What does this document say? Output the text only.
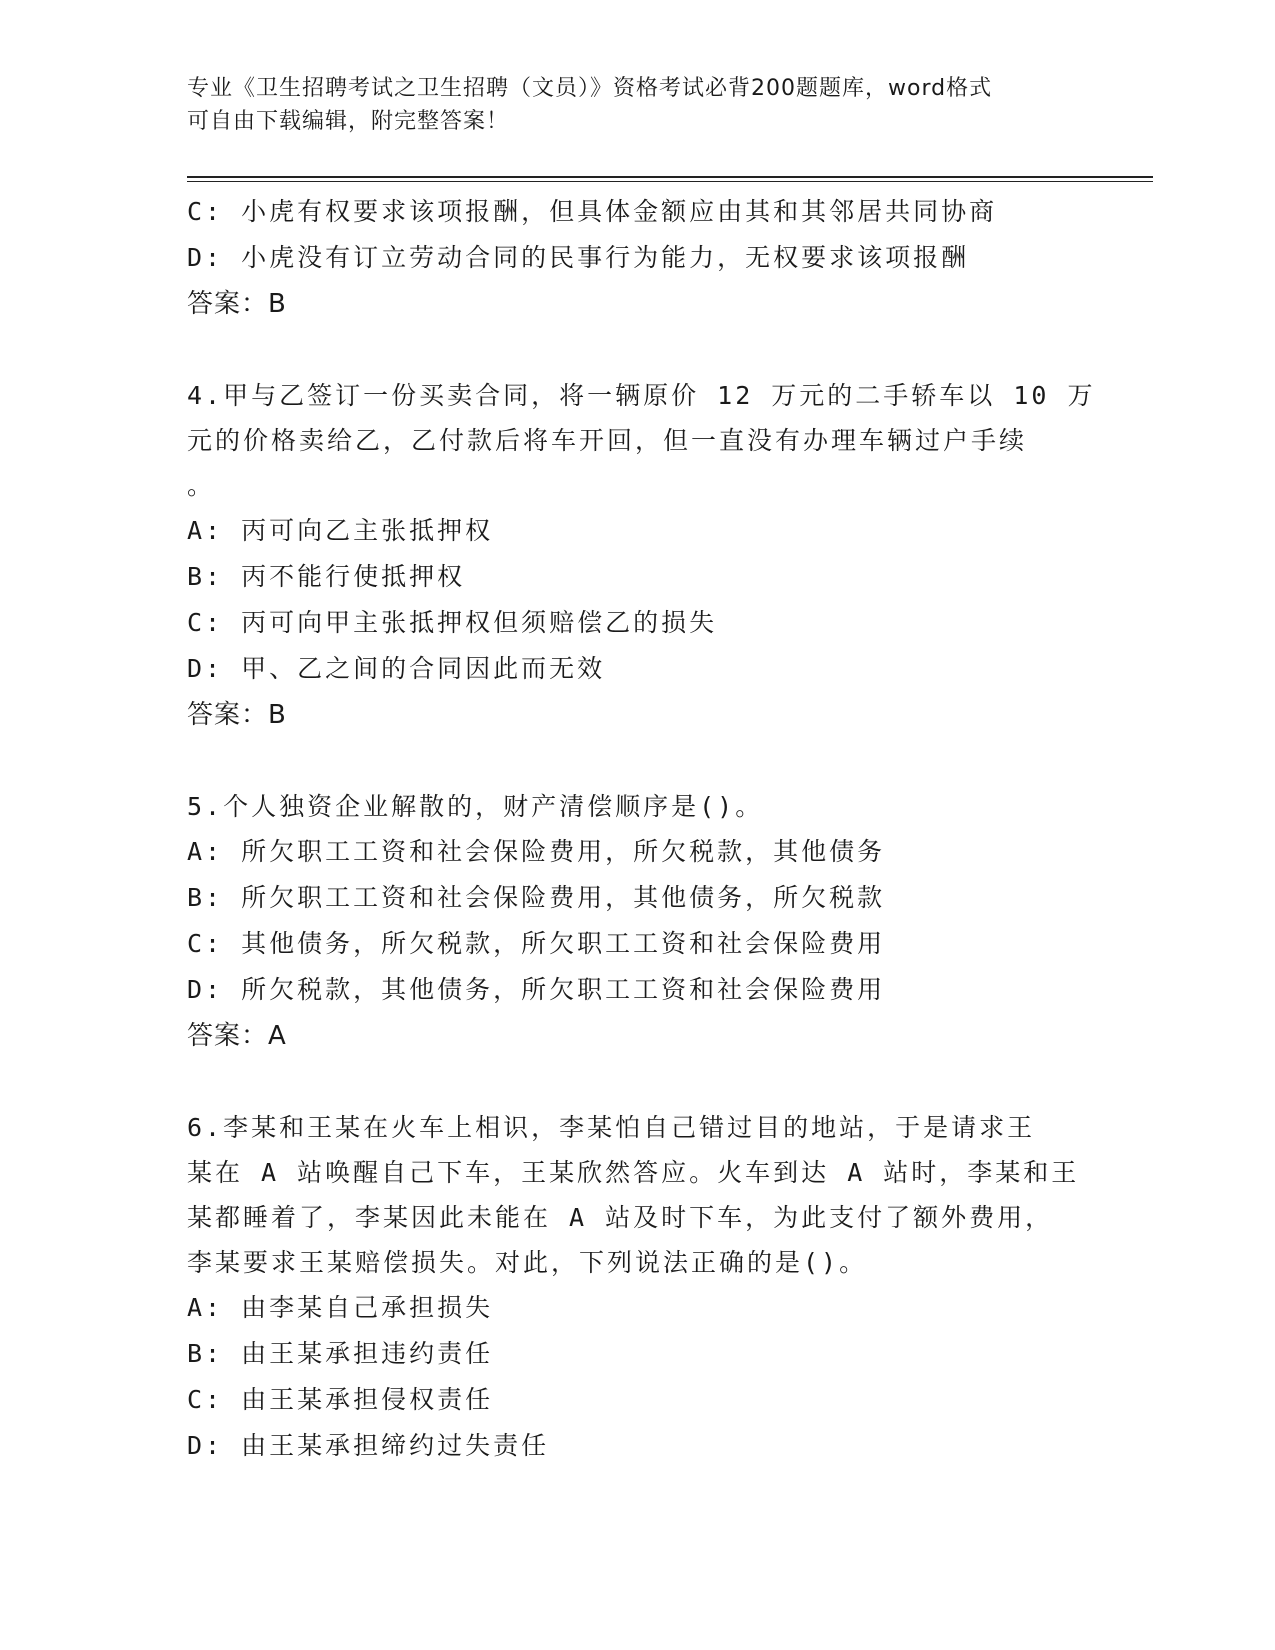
专业《卫生招聘考试之卫生招聘（文员）》资格考试必背200题题库，word格式
可自由下载编辑，附完整答案！
C: 小虎有权要求该项报酬，但具体金额应由其和其邻居共同协商
D: 小虎没有订立劳动合同的民事行为能力，无权要求该项报酬
答案：B
4.甲与乙签订一份买卖合同，将一辆原价 12 万元的二手轿车以 10 万
元的价格卖给乙，乙付款后将车开回，但一直没有办理车辆过户手续
。
A: 丙可向乙主张抵押权
B: 丙不能行使抵押权
C: 丙可向甲主张抵押权但须赔偿乙的损失
D: 甲、乙之间的合同因此而无效
答案：B
5.个人独资企业解散的，财产清偿顺序是()。
A: 所欠职工工资和社会保险费用，所欠税款，其他债务
B: 所欠职工工资和社会保险费用，其他债务，所欠税款
C: 其他债务，所欠税款，所欠职工工资和社会保险费用
D: 所欠税款，其他债务，所欠职工工资和社会保险费用
答案：A
6.李某和王某在火车上相识，李某怕自己错过目的地站，于是请求王
某在 A 站唤醒自己下车，王某欣然答应。火车到达 A 站时，李某和王
某都睡着了，李某因此未能在 A 站及时下车，为此支付了额外费用，
李某要求王某赔偿损失。对此，下列说法正确的是()。
A: 由李某自己承担损失
B: 由王某承担违约责任
C: 由王某承担侵权责任
D: 由王某承担缔约过失责任
